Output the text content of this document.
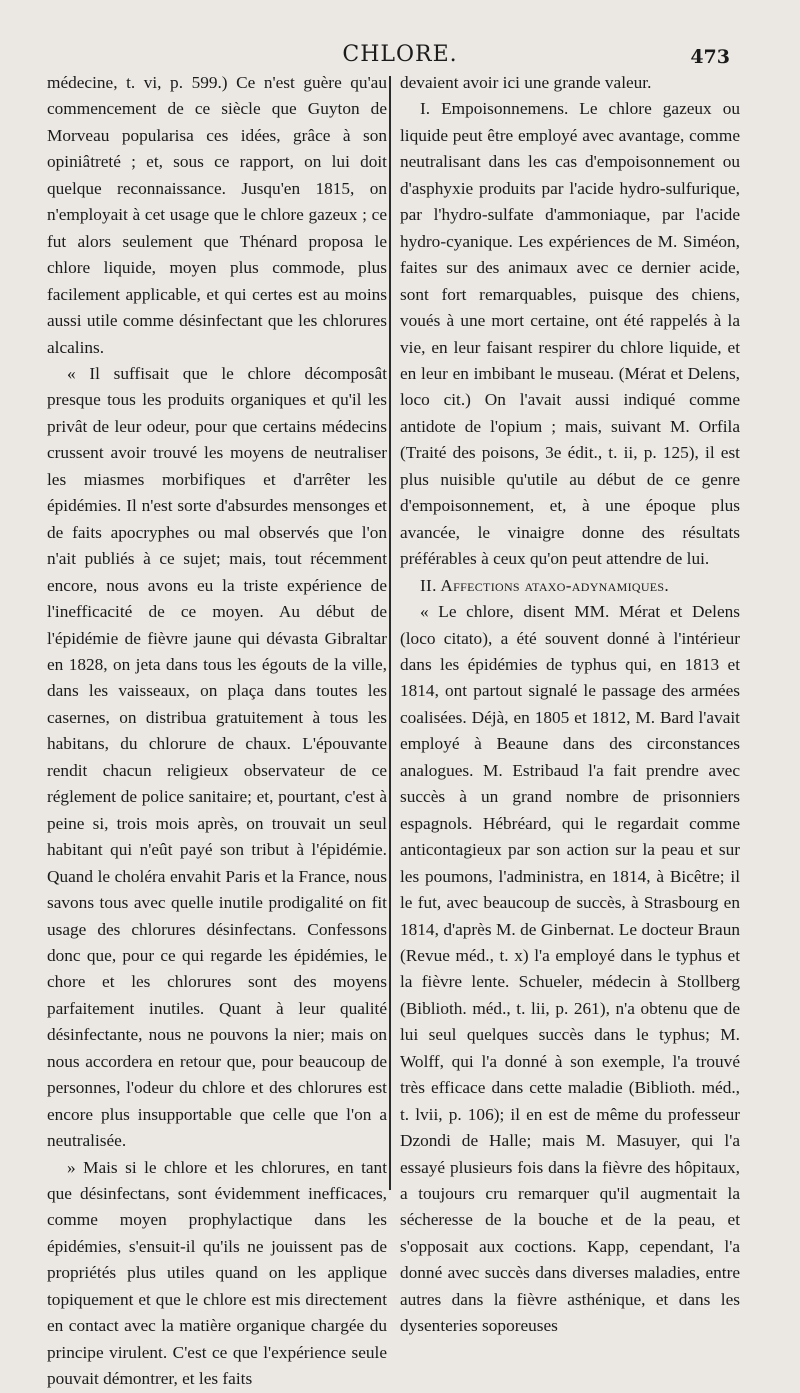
CHLORE.	473

médecine, t. vi, p. 599.) Ce n'est guère qu'au commencement de ce siècle que Guyton de Morveau popularisa ces idées, grâce à son opiniâtreté ; et, sous ce rapport, on lui doit quelque reconnaissance. Jusqu'en 1815, on n'employait à cet usage que le chlore gazeux ; ce fut alors seulement que Thénard proposa le chlore liquide, moyen plus commode, plus facilement applicable, et qui certes est au moins aussi utile comme désinfectant que les chlorures alcalins.

« Il suffisait que le chlore décomposât presque tous les produits organiques et qu'il les privât de leur odeur, pour que certains médecins crussent avoir trouvé les moyens de neutraliser les miasmes morbifiques et d'arrêter les épidémies. Il n'est sorte d'absurdes mensonges et de faits apocryphes ou mal observés que l'on n'ait publiés à ce sujet; mais, tout récemment encore, nous avons eu la triste expérience de l'inefficacité de ce moyen. Au début de l'épidémie de fièvre jaune qui dévasta Gibraltar en 1828, on jeta dans tous les égouts de la ville, dans les vaisseaux, on plaça dans toutes les casernes, on distribua gratuitement à tous les habitans, du chlorure de chaux. L'épouvante rendit chacun religieux observateur de ce réglement de police sanitaire; et, pourtant, c'est à peine si, trois mois après, on trouvait un seul habitant qui n'eût payé son tribut à l'épidémie. Quand le choléra envahit Paris et la France, nous savons tous avec quelle inutile prodigalité on fit usage des chlorures désinfectans. Confessons donc que, pour ce qui regarde les épidémies, le chore et les chlorures sont des moyens parfaitement inutiles. Quant à leur qualité désinfectante, nous ne pouvons la nier; mais on nous accordera en retour que, pour beaucoup de personnes, l'odeur du chlore et des chlorures est encore plus insupportable que celle que l'on a neutralisée.

» Mais si le chlore et les chlorures, en tant que désinfectans, sont évidemment inefficaces, comme moyen prophylactique dans les épidémies, s'ensuit-il qu'ils ne jouissent pas de propriétés plus utiles quand on les applique topiquement et que le chlore est mis directement en contact avec la matière organique chargée du principe virulent. C'est ce que l'expérience seule pouvait démontrer, et les faits

devaient avoir ici une grande valeur.

I. Empoisonnemens. Le chlore gazeux ou liquide peut être employé avec avantage, comme neutralisant dans les cas d'empoisonnement ou d'asphyxie produits par l'acide hydro-sulfurique, par l'hydro-sulfate d'ammoniaque, par l'acide hydro-cyanique. Les expériences de M. Siméon, faites sur des animaux avec ce dernier acide, sont fort remarquables, puisque des chiens, voués à une mort certaine, ont été rappelés à la vie, en leur faisant respirer du chlore liquide, et en leur en imbibant le museau. (Mérat et Delens, loco cit.) On l'avait aussi indiqué comme antidote de l'opium ; mais, suivant M. Orfila (Traité des poisons, 3e édit., t. ii, p. 125), il est plus nuisible qu'utile au début de ce genre d'empoisonnement, et, à une époque plus avancée, le vinaigre donne des résultats préférables à ceux qu'on peut attendre de lui.

II. Affections ataxo-adynamiques.

« Le chlore, disent MM. Mérat et Delens (loco citato), a été souvent donné à l'intérieur dans les épidémies de typhus qui, en 1813 et 1814, ont partout signalé le passage des armées coalisées. Déjà, en 1805 et 1812, M. Bard l'avait employé à Beaune dans des circonstances analogues. M. Estribaud l'a fait prendre avec succès à un grand nombre de prisonniers espagnols. Hébréard, qui le regardait comme anticontagieux par son action sur la peau et sur les poumons, l'administra, en 1814, à Bicêtre; il le fut, avec beaucoup de succès, à Strasbourg en 1814, d'après M. de Ginbernat. Le docteur Braun (Revue méd., t. x) l'a employé dans le typhus et la fièvre lente. Schueler, médecin à Stollberg (Biblioth. méd., t. lii, p. 261), n'a obtenu que de lui seul quelques succès dans le typhus; M. Wolff, qui l'a donné à son exemple, l'a trouvé très efficace dans cette maladie (Biblioth. méd., t. lvii, p. 106); il en est de même du professeur Dzondi de Halle; mais M. Masuyer, qui l'a essayé plusieurs fois dans la fièvre des hôpitaux, a toujours cru remarquer qu'il augmentait la sécheresse de la bouche et de la peau, et s'opposait aux coctions. Kapp, cependant, l'a donné avec succès dans diverses maladies, entre autres dans la fièvre asthénique, et dans les dysenteries soporeuses
